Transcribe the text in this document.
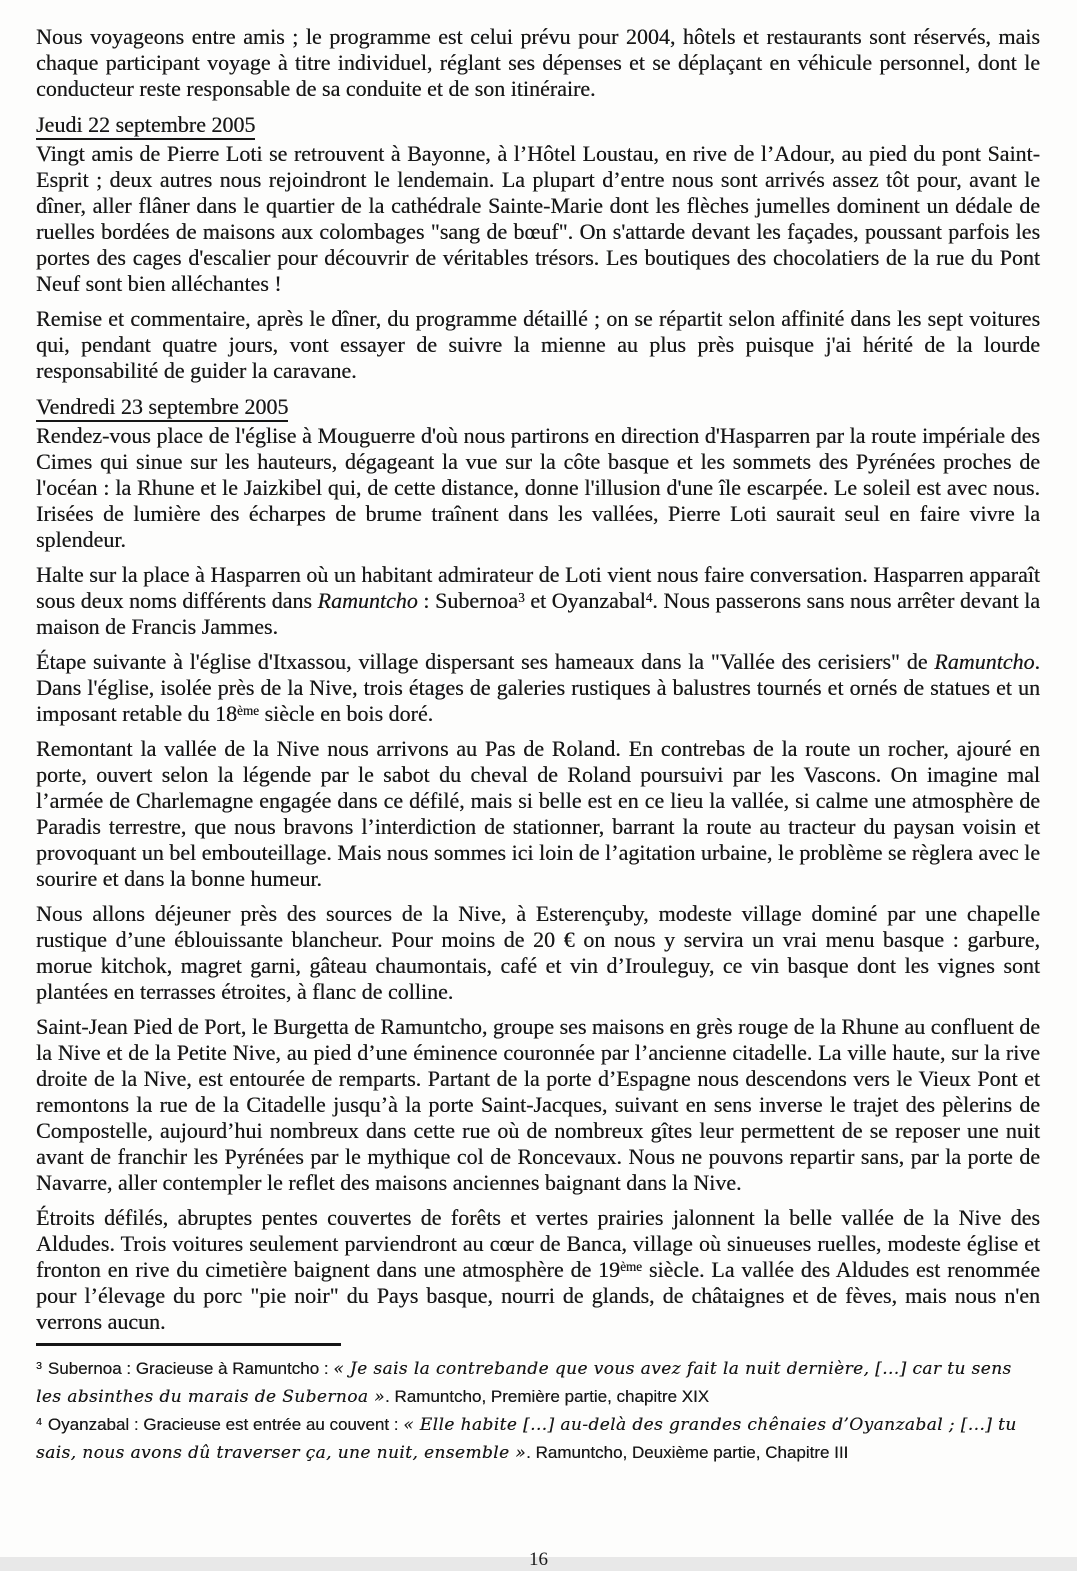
Nous voyageons entre amis ; le programme est celui prévu pour 2004, hôtels et restaurants sont réservés, mais chaque participant voyage à titre individuel, réglant ses dépenses et se déplaçant en véhicule personnel, dont le conducteur reste responsable de sa conduite et de son itinéraire.

Jeudi 22 septembre 2005

Vingt amis de Pierre Loti se retrouvent à Bayonne, à l’Hôtel Loustau, en rive de l’Adour, au pied du pont Saint-Esprit ; deux autres nous rejoindront le lendemain. La plupart d’entre nous sont arrivés assez tôt pour, avant le dîner, aller flâner dans le quartier de la cathédrale Sainte-Marie dont les flèches jumelles dominent un dédale de ruelles bordées de maisons aux colombages "sang de bœuf". On s'attarde devant les façades, poussant parfois les portes des cages d'escalier pour découvrir de véritables trésors. Les boutiques des chocolatiers de la rue du Pont Neuf sont bien alléchantes !

Remise et commentaire, après le dîner, du programme détaillé ; on se répartit selon affinité dans les sept voitures qui, pendant quatre jours, vont essayer de suivre la mienne au plus près puisque j'ai hérité de la lourde responsabilité de guider la caravane.

Vendredi 23 septembre 2005

Rendez-vous place de l'église à Mouguerre d'où nous partirons en direction d'Hasparren par la route impériale des Cimes qui sinue sur les hauteurs, dégageant la vue sur la côte basque et les sommets des Pyrénées proches de l'océan : la Rhune et le Jaizkibel qui, de cette distance, donne l'illusion d'une île escarpée. Le soleil est avec nous. Irisées de lumière des écharpes de brume traînent dans les vallées, Pierre Loti saurait seul en faire vivre la splendeur.

Halte sur la place à Hasparren où un habitant admirateur de Loti vient nous faire conversation. Hasparren apparaît sous deux noms différents dans Ramuntcho : Subernoa$^3$ et Oyanzabal$^4$. Nous passerons sans nous arrêter devant la maison de Francis Jammes.

Étape suivante à l'église d'Itxassou, village dispersant ses hameaux dans la "Vallée des cerisiers" de Ramuntcho. Dans l'église, isolée près de la Nive, trois étages de galeries rustiques à balustres tournés et ornés de statues et un imposant retable du 18ème siècle en bois doré.

Remontant la vallée de la Nive nous arrivons au Pas de Roland. En contrebas de la route un rocher, ajouré en porte, ouvert selon la légende par le sabot du cheval de Roland poursuivi par les Vascons. On imagine mal l’armée de Charlemagne engagée dans ce défilé, mais si belle est en ce lieu la vallée, si calme une atmosphère de Paradis terrestre, que nous bravons l’interdiction de stationner, barrant la route au tracteur du paysan voisin et provoquant un bel embouteillage. Mais nous sommes ici loin de l’agitation urbaine, le problème se règlera avec le sourire et dans la bonne humeur.

Nous allons déjeuner près des sources de la Nive, à Esterençuby, modeste village dominé par une chapelle rustique d’une éblouissante blancheur. Pour moins de 20 € on nous y servira un vrai menu basque : garbure, morue kitchok, magret garni, gâteau chaumontais, café et vin d’Irouleguy, ce vin basque dont les vignes sont plantées en terrasses étroites, à flanc de colline.

Saint-Jean Pied de Port, le Burgetta de Ramuntcho, groupe ses maisons en grès rouge de la Rhune au confluent de la Nive et de la Petite Nive, au pied d’une éminence couronnée par l’ancienne citadelle. La ville haute, sur la rive droite de la Nive, est entourée de remparts. Partant de la porte d’Espagne nous descendons vers le Vieux Pont et remontons la rue de la Citadelle jusqu’à la porte Saint-Jacques, suivant en sens inverse le trajet des pèlerins de Compostelle, aujourd’hui nombreux dans cette rue où de nombreux gîtes leur permettent de se reposer une nuit avant de franchir les Pyrénées par le mythique col de Roncevaux. Nous ne pouvons repartir sans, par la porte de Navarre, aller contempler le reflet des maisons anciennes baignant dans la Nive.

Étroits défilés, abruptes pentes couvertes de forêts et vertes prairies jalonnent la belle vallée de la Nive des Aldudes. Trois voitures seulement parviendront au cœur de Banca, village où sinueuses ruelles, modeste église et fronton en rive du cimetière baignent dans une atmosphère de 19ème siècle. La vallée des Aldudes est renommée pour l’élevage du porc "pie noir" du Pays basque, nourri de glands, de châtaignes et de fèves, mais nous n'en verrons aucun.

$^3$ Subernoa : Gracieuse à Ramuntcho : « Je sais la contrebande que vous avez fait la nuit dernière, [...] car tu sens les absinthes du marais de Subernoa ». Ramuntcho, Première partie, chapitre XIX

$^4$ Oyanzabal : Gracieuse est entrée au couvent : « Elle habite [...] au-delà des grandes chênaies d’Oyanzabal ; [...] tu sais, nous avons dû traverser ça, une nuit, ensemble ». Ramuntcho, Deuxième partie, Chapitre III

16
